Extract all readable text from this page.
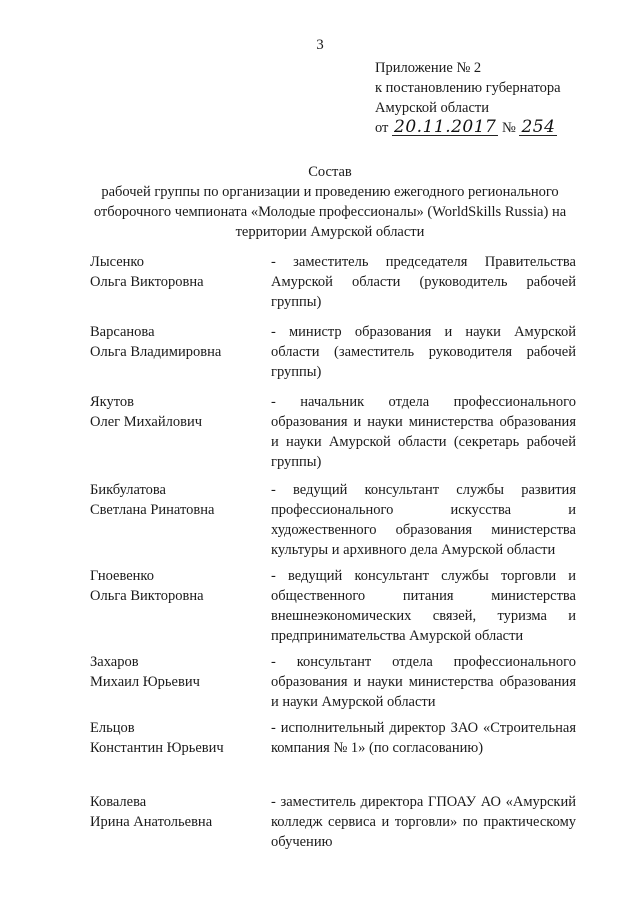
3
Приложение № 2
к постановлению губернатора
Амурской области
от 20.11.2017 № 254
Состав
рабочей группы по организации и проведению ежегодного регионального
отборочного чемпионата «Молодые профессионалы» (WorldSkills Russia) на
территории Амурской области
Лысенко
Ольга Викторовна
- заместитель председателя Правительства Амурской области (руководитель рабочей группы)
Варсанова
Ольга Владимировна
- министр образования и науки Амурской области (заместитель руководителя рабочей группы)
Якутов
Олег Михайлович
- начальник отдела профессионального образования и науки министерства образования и науки Амурской области (секретарь рабочей группы)
Бикбулатова
Светлана Ринатовна
- ведущий консультант службы развития профессионального искусства и художественного образования министерства культуры и архивного дела Амурской области
Гноевенко
Ольга Викторовна
- ведущий консультант службы торговли и общественного питания министерства внешнеэкономических связей, туризма и предпринимательства Амурской области
Захаров
Михаил Юрьевич
- консультант отдела профессионального образования и науки министерства образования и науки Амурской области
Ельцов
Константин Юрьевич
- исполнительный директор ЗАО «Строительная компания № 1» (по согласованию)
Ковалева
Ирина Анатольевна
- заместитель директора ГПОАУ АО «Амурский колледж сервиса и торговли» по практическому обучению
